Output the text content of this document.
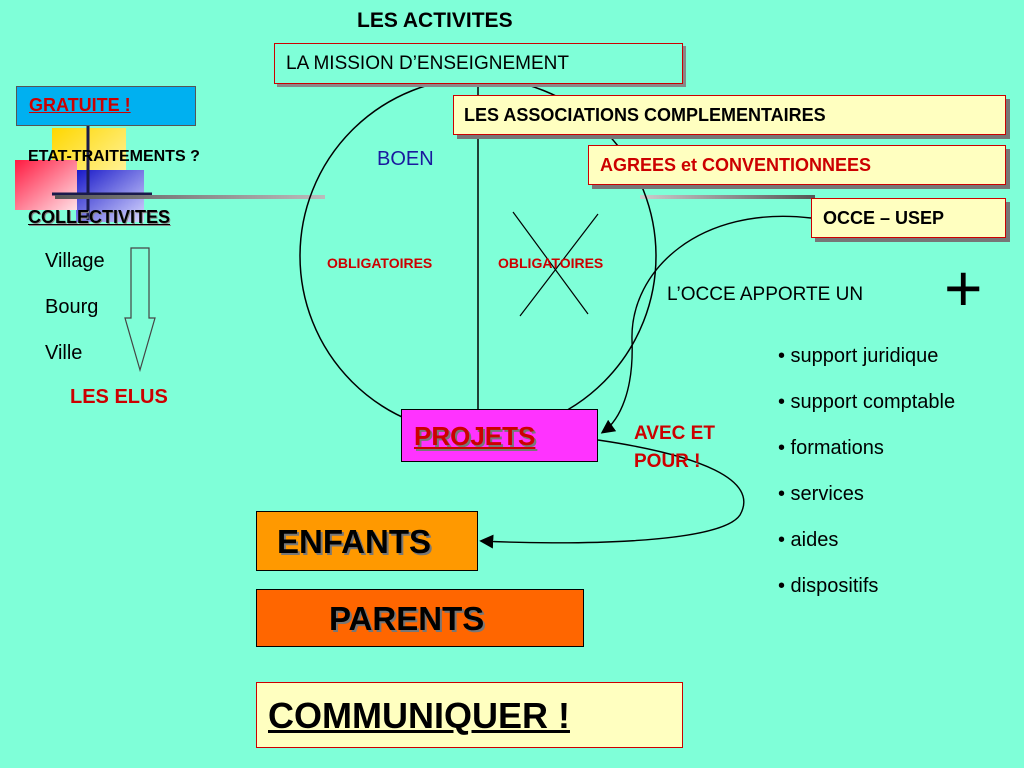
LES ACTIVITES
LA MISSION D’ENSEIGNEMENT
GRATUITE !
ETAT-TRAITEMENTS ?
COLLECTIVITES
Village
Bourg
Ville
LES ELUS
BOEN
OBLIGATOIRES	OBLIGATOIRES
LES ASSOCIATIONS COMPLEMENTAIRES
AGREES et CONVENTIONNEES
OCCE – USEP
L’OCCE APPORTE UN +
• support juridique
• support comptable
• formations
• services
• aides
• dispositifs
PROJETS	AVEC ET
POUR !
ENFANTS
PARENTS
COMMUNIQUER !
